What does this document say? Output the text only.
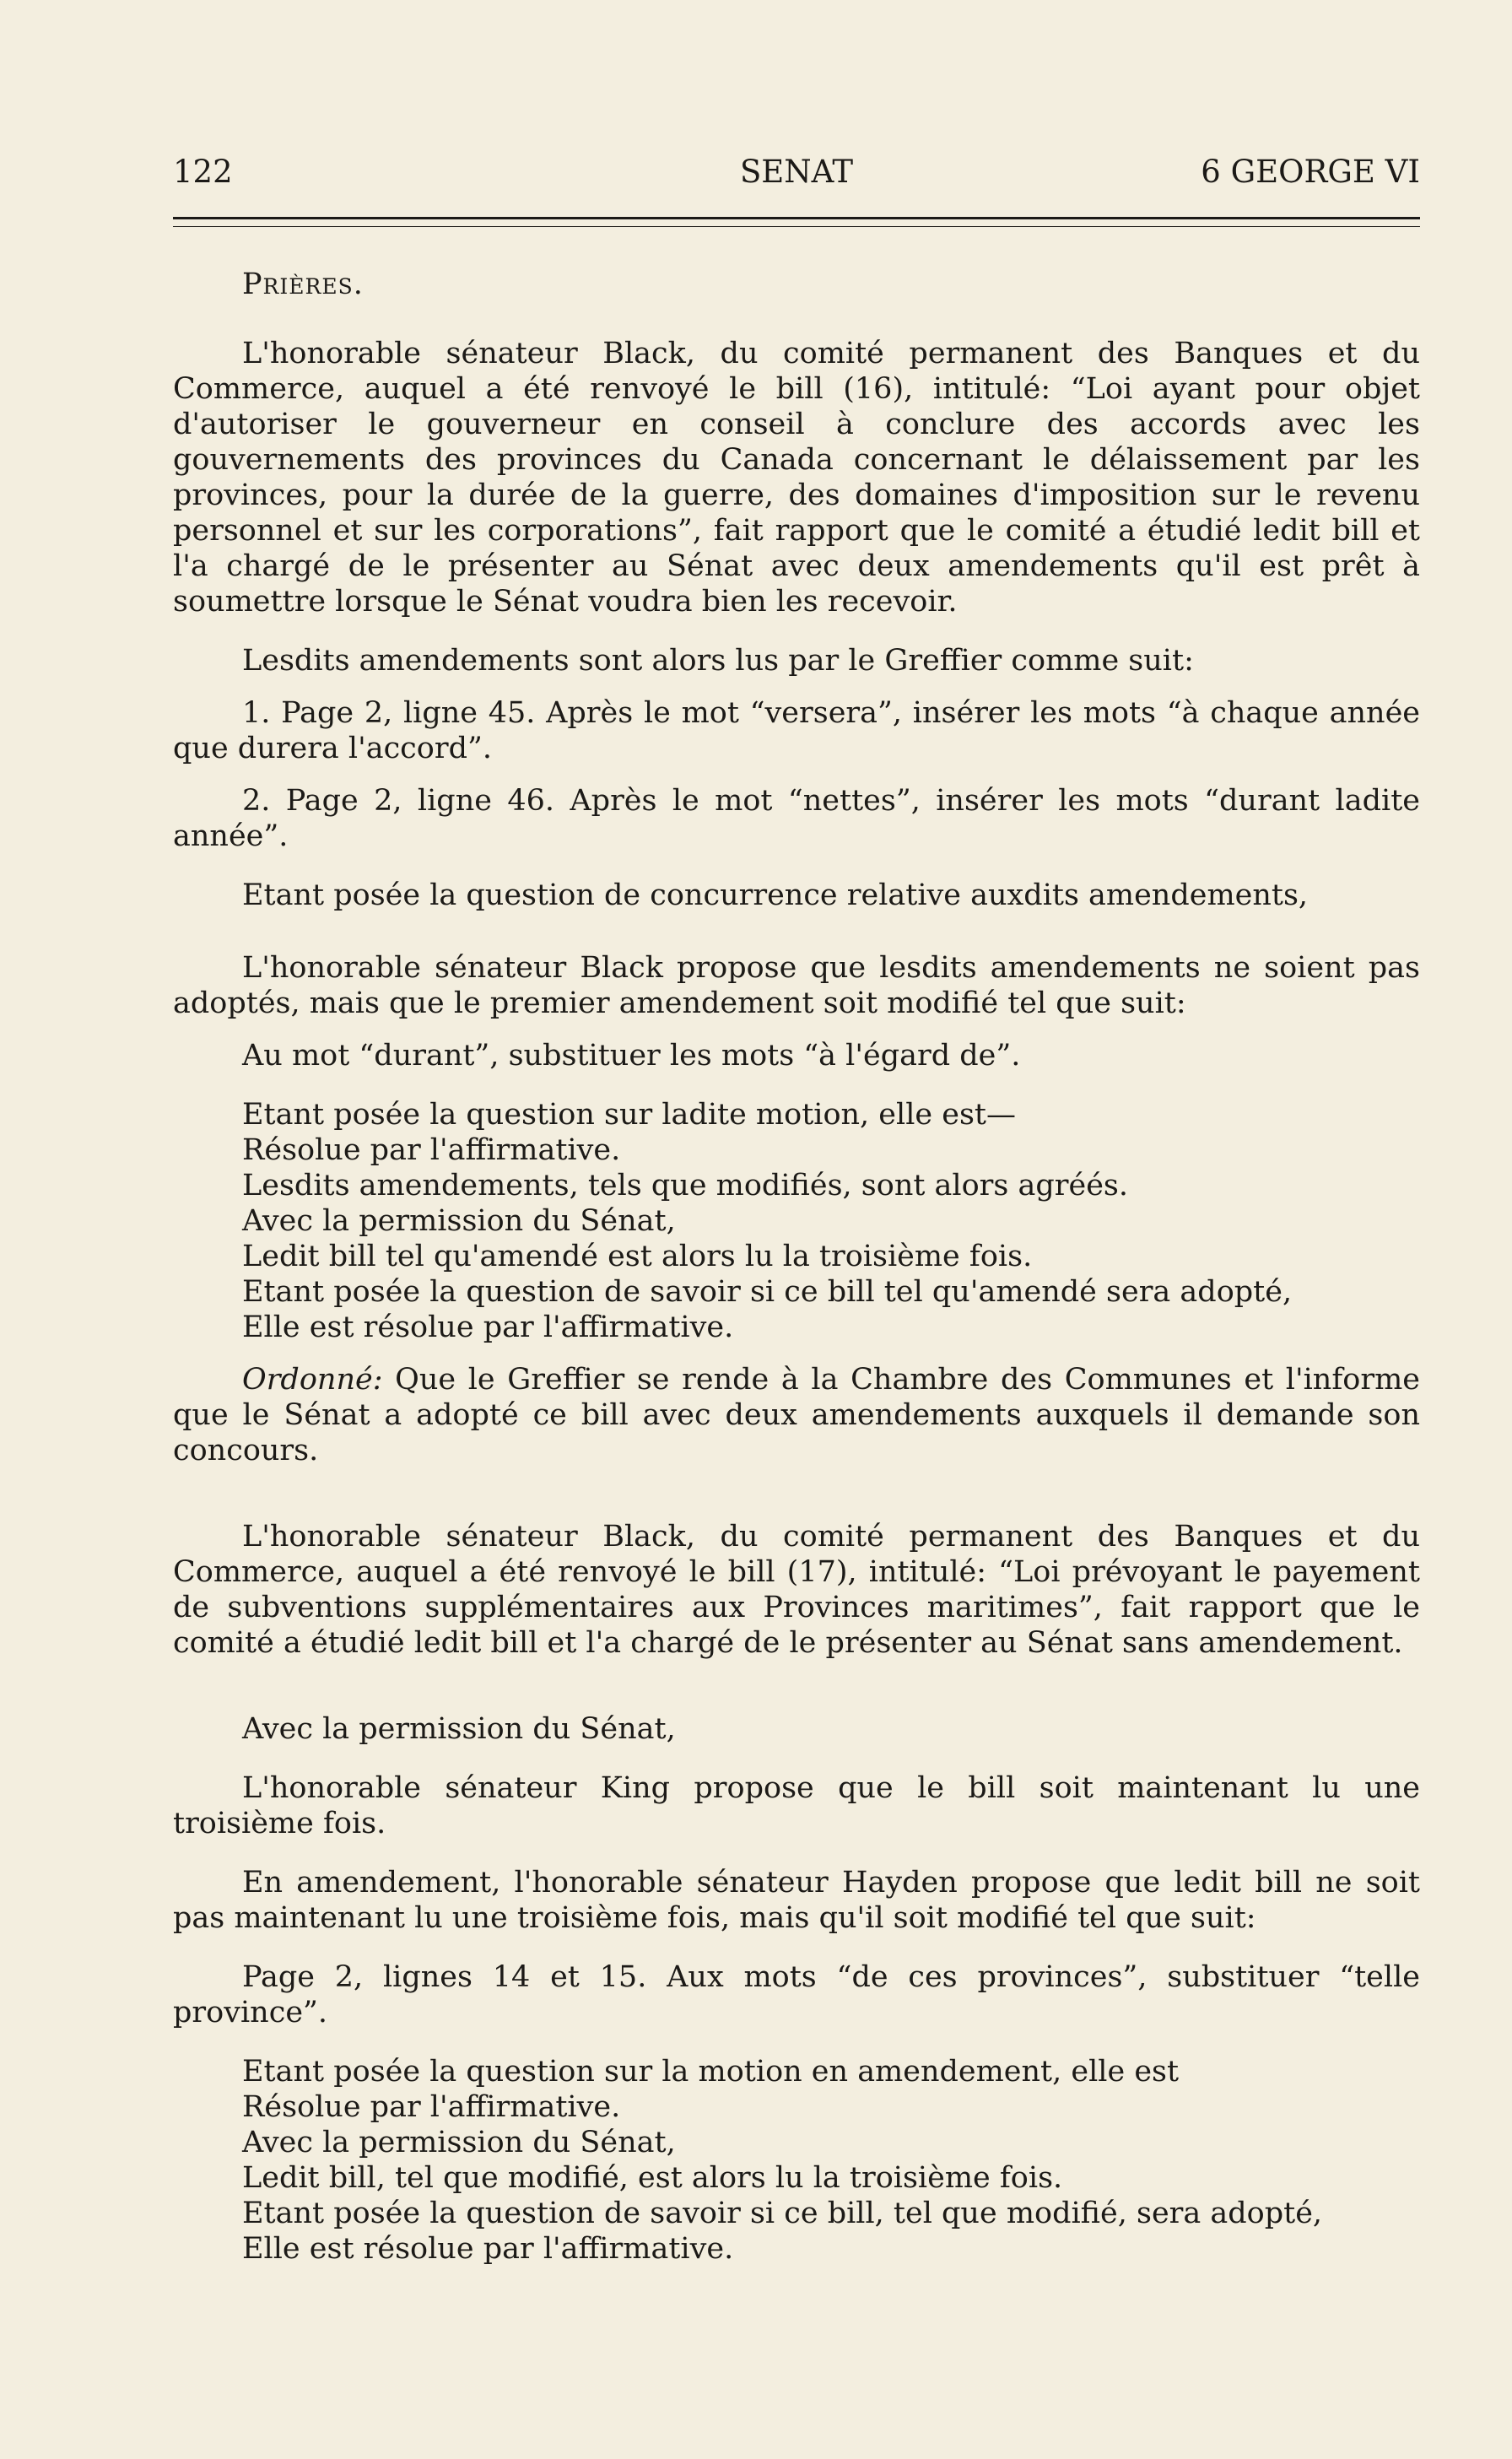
122	SENAT	6 GEORGE VI

Prières.

L'honorable sénateur Black, du comité permanent des Banques et du Commerce, auquel a été renvoyé le bill (16), intitulé: “Loi ayant pour objet d'autoriser le gouverneur en conseil à conclure des accords avec les gouvernements des provinces du Canada concernant le délaissement par les provinces, pour la durée de la guerre, des domaines d'imposition sur le revenu personnel et sur les corporations”, fait rapport que le comité a étudié ledit bill et l'a chargé de le présenter au Sénat avec deux amendements qu'il est prêt à soumettre lorsque le Sénat voudra bien les recevoir.

Lesdits amendements sont alors lus par le Greffier comme suit:

1. Page 2, ligne 45. Après le mot “versera”, insérer les mots “à chaque année que durera l'accord”.

2. Page 2, ligne 46. Après le mot “nettes”, insérer les mots “durant ladite année”.

Etant posée la question de concurrence relative auxdits amendements,

L'honorable sénateur Black propose que lesdits amendements ne soient pas adoptés, mais que le premier amendement soit modifié tel que suit:

Au mot “durant”, substituer les mots “à l'égard de”.

Etant posée la question sur ladite motion, elle est—

Résolue par l'affirmative.

Lesdits amendements, tels que modifiés, sont alors agréés.

Avec la permission du Sénat,

Ledit bill tel qu'amendé est alors lu la troisième fois.

Etant posée la question de savoir si ce bill tel qu'amendé sera adopté,

Elle est résolue par l'affirmative.

Ordonné: Que le Greffier se rende à la Chambre des Communes et l'informe que le Sénat a adopté ce bill avec deux amendements auxquels il demande son concours.

L'honorable sénateur Black, du comité permanent des Banques et du Commerce, auquel a été renvoyé le bill (17), intitulé: “Loi prévoyant le payement de subventions supplémentaires aux Provinces maritimes”, fait rapport que le comité a étudié ledit bill et l'a chargé de le présenter au Sénat sans amendement.

Avec la permission du Sénat,

L'honorable sénateur King propose que le bill soit maintenant lu une troisième fois.

En amendement, l'honorable sénateur Hayden propose que ledit bill ne soit pas maintenant lu une troisième fois, mais qu'il soit modifié tel que suit:

Page 2, lignes 14 et 15. Aux mots “de ces provinces”, substituer “telle province”.

Etant posée la question sur la motion en amendement, elle est

Résolue par l'affirmative.

Avec la permission du Sénat,

Ledit bill, tel que modifié, est alors lu la troisième fois.

Etant posée la question de savoir si ce bill, tel que modifié, sera adopté,

Elle est résolue par l'affirmative.
